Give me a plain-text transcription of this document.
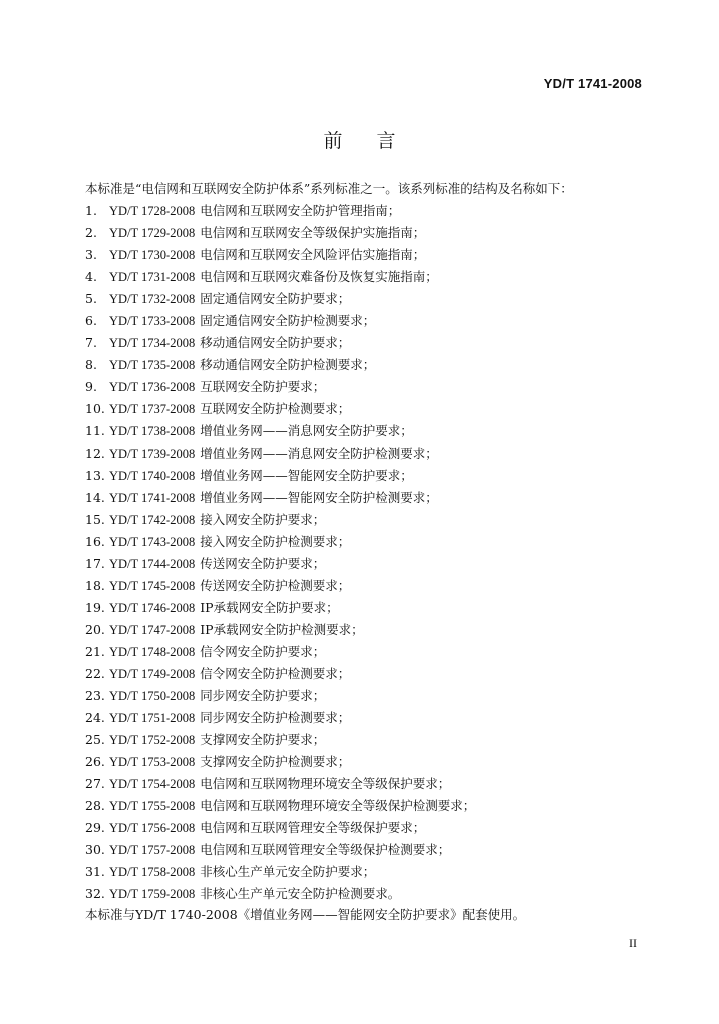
YD/T 1741-2008
前言
本标准是“电信网和互联网安全防护体系”系列标准之一。该系列标准的结构及名称如下：
1. YD/T 1728-2008 电信网和互联网安全防护管理指南；
2. YD/T 1729-2008 电信网和互联网安全等级保护实施指南；
3. YD/T 1730-2008 电信网和互联网安全风险评估实施指南；
4. YD/T 1731-2008 电信网和互联网灾难备份及恢复实施指南；
5. YD/T 1732-2008 固定通信网安全防护要求；
6. YD/T 1733-2008 固定通信网安全防护检测要求；
7. YD/T 1734-2008 移动通信网安全防护要求；
8. YD/T 1735-2008 移动通信网安全防护检测要求；
9. YD/T 1736-2008 互联网安全防护要求；
10. YD/T 1737-2008 互联网安全防护检测要求；
11. YD/T 1738-2008 增值业务网——消息网安全防护要求；
12. YD/T 1739-2008 增值业务网——消息网安全防护检测要求；
13. YD/T 1740-2008 增值业务网——智能网安全防护要求；
14. YD/T 1741-2008 增值业务网——智能网安全防护检测要求；
15. YD/T 1742-2008 接入网安全防护要求；
16. YD/T 1743-2008 接入网安全防护检测要求；
17. YD/T 1744-2008 传送网安全防护要求；
18. YD/T 1745-2008 传送网安全防护检测要求；
19. YD/T 1746-2008 IP承载网安全防护要求；
20. YD/T 1747-2008 IP承载网安全防护检测要求；
21. YD/T 1748-2008 信令网安全防护要求；
22. YD/T 1749-2008 信令网安全防护检测要求；
23. YD/T 1750-2008 同步网安全防护要求；
24. YD/T 1751-2008 同步网安全防护检测要求；
25. YD/T 1752-2008 支撑网安全防护要求；
26. YD/T 1753-2008 支撑网安全防护检测要求；
27. YD/T 1754-2008 电信网和互联网物理环境安全等级保护要求；
28. YD/T 1755-2008 电信网和互联网物理环境安全等级保护检测要求；
29. YD/T 1756-2008 电信网和互联网管理安全等级保护要求；
30. YD/T 1757-2008 电信网和互联网管理安全等级保护检测要求；
31. YD/T 1758-2008 非核心生产单元安全防护要求；
32. YD/T 1759-2008 非核心生产单元安全防护检测要求。
本标准与YD/T 1740-2008《增值业务网——智能网安全防护要求》配套使用。
II
